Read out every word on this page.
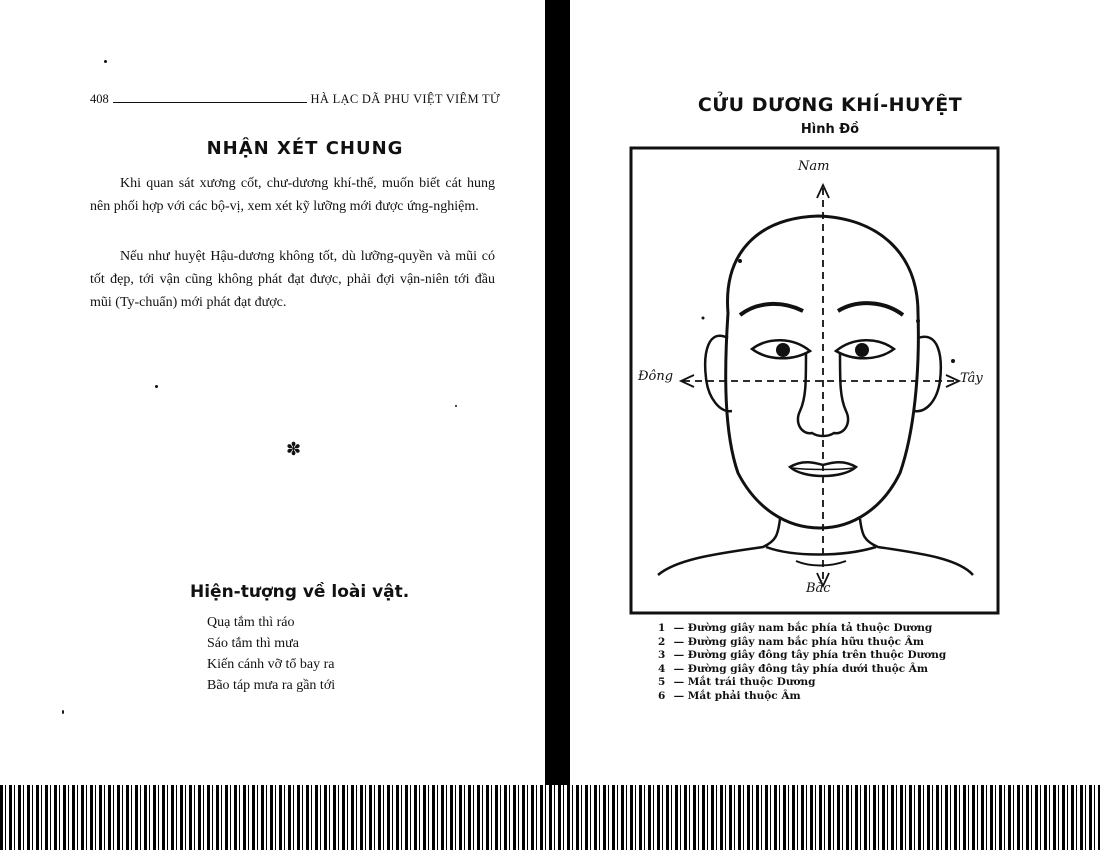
408	HÀ LẠC DÃ PHU VIỆT VIÊM TỬ
NHẬN XÉT CHUNG
Khi quan sát xương cốt, chư-dương khí-thế, muốn biết cát hung nên phối hợp với các bộ-vị, xem xét kỹ lưỡng mới được ứng-nghiệm.
Nếu như huyệt Hậu-dương không tốt, dù lưỡng-quyền và mũi có tốt đẹp, tới vận cũng không phát đạt được, phải đợi vận-niên tới đầu mũi (Ty-chuẩn) mới phát đạt được.
✽
Hiện-tượng về loài vật.
Quạ tắm thì ráo
Sáo tắm thì mưa
Kiến cánh vỡ tổ bay ra
Bão táp mưa ra gần tới
CỬU DƯƠNG KHÍ-HUYỆT
Hình Đồ
Nam
Bắc
Đông	Tây
1 — Đường giây nam bắc phía tả thuộc Dương
2 — Đường giây nam bắc phía hữu thuộc Âm
3 — Đường giây đông tây phía trên thuộc Dương
4 — Đường giây đông tây phía dưới thuộc Âm
5 — Mắt trái thuộc Dương
6 — Mắt phải thuộc Âm
